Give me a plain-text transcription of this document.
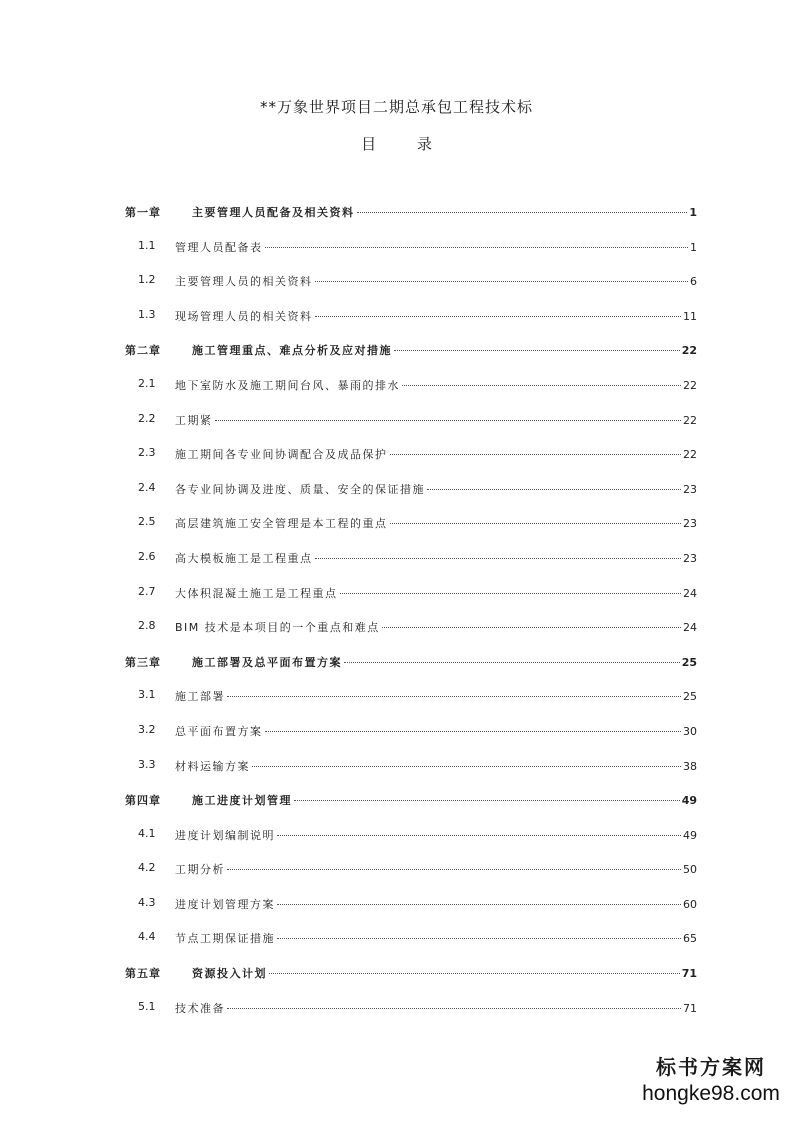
**万象世界项目二期总承包工程技术标
目 录
第一章	主要管理人员配备及相关资料	1
1.1 管理人员配备表	1
1.2 主要管理人员的相关资料	6
1.3 现场管理人员的相关资料	11
第二章	施工管理重点、难点分析及应对措施	22
2.1 地下室防水及施工期间台风、暴雨的排水	22
2.2 工期紧	22
2.3 施工期间各专业间协调配合及成品保护	22
2.4 各专业间协调及进度、质量、安全的保证措施	23
2.5 高层建筑施工安全管理是本工程的重点	23
2.6 高大模板施工是工程重点	23
2.7 大体积混凝土施工是工程重点	24
2.8 BIM 技术是本项目的一个重点和难点	24
第三章	施工部署及总平面布置方案	25
3.1 施工部署	25
3.2 总平面布置方案	30
3.3 材料运输方案	38
第四章	施工进度计划管理	49
4.1 进度计划编制说明	49
4.2 工期分析	50
4.3 进度计划管理方案	60
4.4 节点工期保证措施	65
第五章	资源投入计划	71
5.1 技术准备	71
标书方案网
hongke98.com
